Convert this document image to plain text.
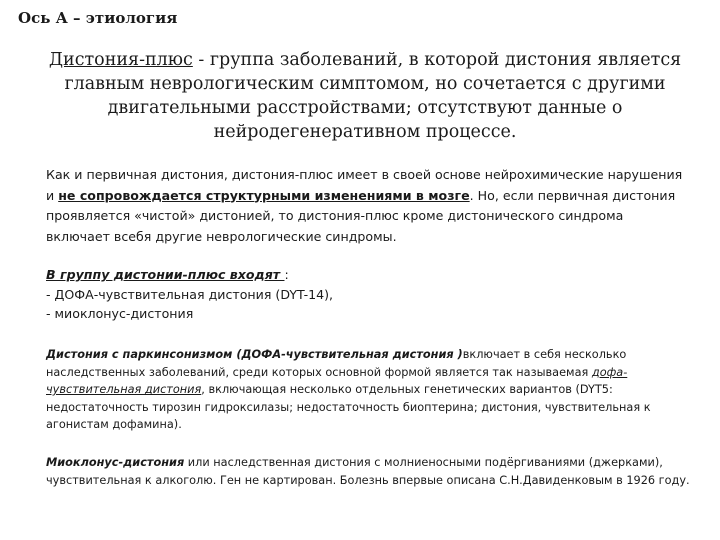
Ось А – этиология
Дистония-плюс - группа заболеваний, в которой дистония является главным неврологическим симптомом, но сочетается с другими двигательными расстройствами; отсутствуют данные о нейродегенеративном процессе.
Как и первичная дистония, дистония-плюс имеет в своей основе нейрохимические нарушения и не сопровождается структурными изменениями в мозге. Но, если первичная дистония проявляется «чистой» дистонией, то дистония-плюс кроме дистонического синдрома включает всебя другие неврологические синдромы.
В группу дистонии-плюс входят :
- ДОФА-чувствительная дистония (DYT-14),
- миоклонус-дистония
Дистония с паркинсонизмом (ДОФА-чувствительная дистония )включает в себя несколько наследственных заболеваний, среди которых основной формой является так называемая дофа-чувствительная дистония, включающая несколько отдельных генетических вариантов (DYT5: недостаточность тирозин гидроксилазы; недостаточность биоптерина; дистония, чувствительная к агонистам дофамина).
Миоклонус-дистония или наследственная дистония с молниеносными подёргиваниями (джерками), чувствительная к алкоголю. Ген не картирован. Болезнь впервые описана С.Н.Давиденковым в 1926 году.
